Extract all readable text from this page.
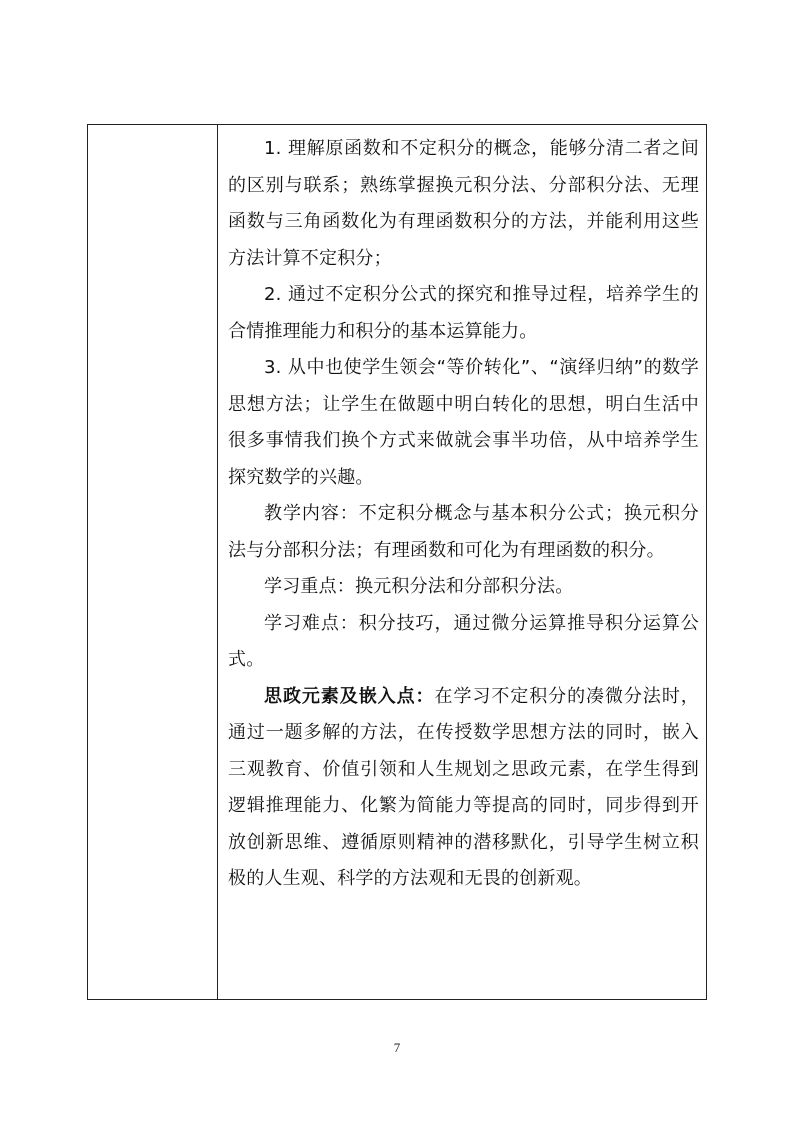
1. 理解原函数和不定积分的概念，能够分清二者之间的区别与联系；熟练掌握换元积分法、分部积分法、无理函数与三角函数化为有理函数积分的方法，并能利用这些方法计算不定积分；

2. 通过不定积分公式的探究和推导过程，培养学生的合情推理能力和积分的基本运算能力。

3. 从中也使学生领会“等价转化”、“演绎归纳”的数学思想方法；让学生在做题中明白转化的思想，明白生活中很多事情我们换个方式来做就会事半功倍，从中培养学生探究数学的兴趣。

教学内容：不定积分概念与基本积分公式；换元积分法与分部积分法；有理函数和可化为有理函数的积分。

学习重点：换元积分法和分部积分法。

学习难点：积分技巧，通过微分运算推导积分运算公式。

思政元素及嵌入点：在学习不定积分的凑微分法时，通过一题多解的方法，在传授数学思想方法的同时，嵌入三观教育、价值引领和人生规划之思政元素，在学生得到逻辑推理能力、化繁为简能力等提高的同时，同步得到开放创新思维、遵循原则精神的潜移默化，引导学生树立积极的人生观、科学的方法观和无畏的创新观。

7
